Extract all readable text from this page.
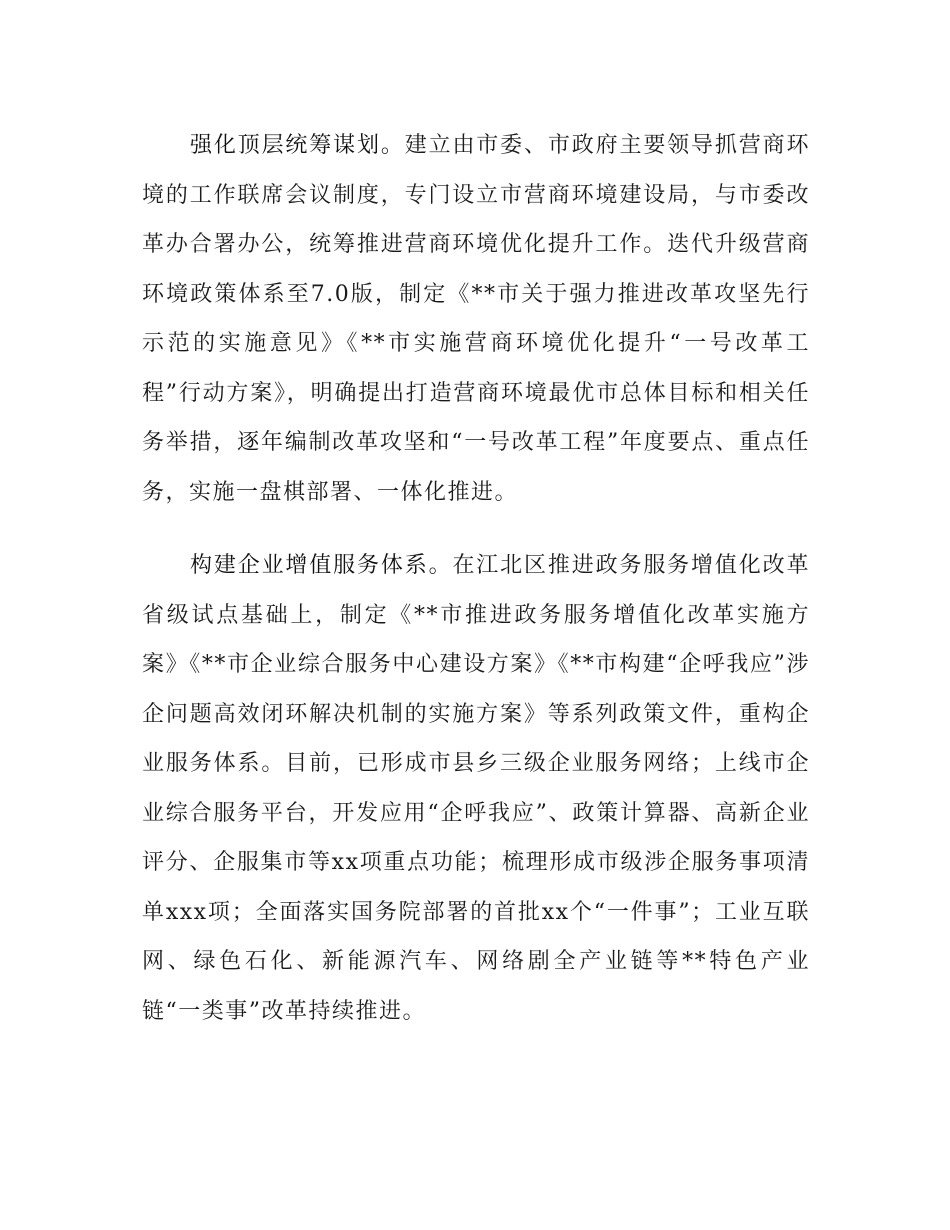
强化顶层统筹谋划。建立由市委、市政府主要领导抓营商环境的工作联席会议制度，专门设立市营商环境建设局，与市委改革办合署办公，统筹推进营商环境优化提升工作。迭代升级营商环境政策体系至7.0版，制定《**市关于强力推进改革攻坚先行示范的实施意见》《**市实施营商环境优化提升“一号改革工程”行动方案》，明确提出打造营商环境最优市总体目标和相关任务举措，逐年编制改革攻坚和“一号改革工程”年度要点、重点任务，实施一盘棋部署、一体化推进。

构建企业增值服务体系。在江北区推进政务服务增值化改革省级试点基础上，制定《**市推进政务服务增值化改革实施方案》《**市企业综合服务中心建设方案》《**市构建“企呼我应”涉企问题高效闭环解决机制的实施方案》等系列政策文件，重构企业服务体系。目前，已形成市县乡三级企业服务网络；上线市企业综合服务平台，开发应用“企呼我应”、政策计算器、高新企业评分、企服集市等xx项重点功能；梳理形成市级涉企服务事项清单xxx项；全面落实国务院部署的首批xx个“一件事”；工业互联网、绿色石化、新能源汽车、网络剧全产业链等**特色产业链“一类事”改革持续推进。
